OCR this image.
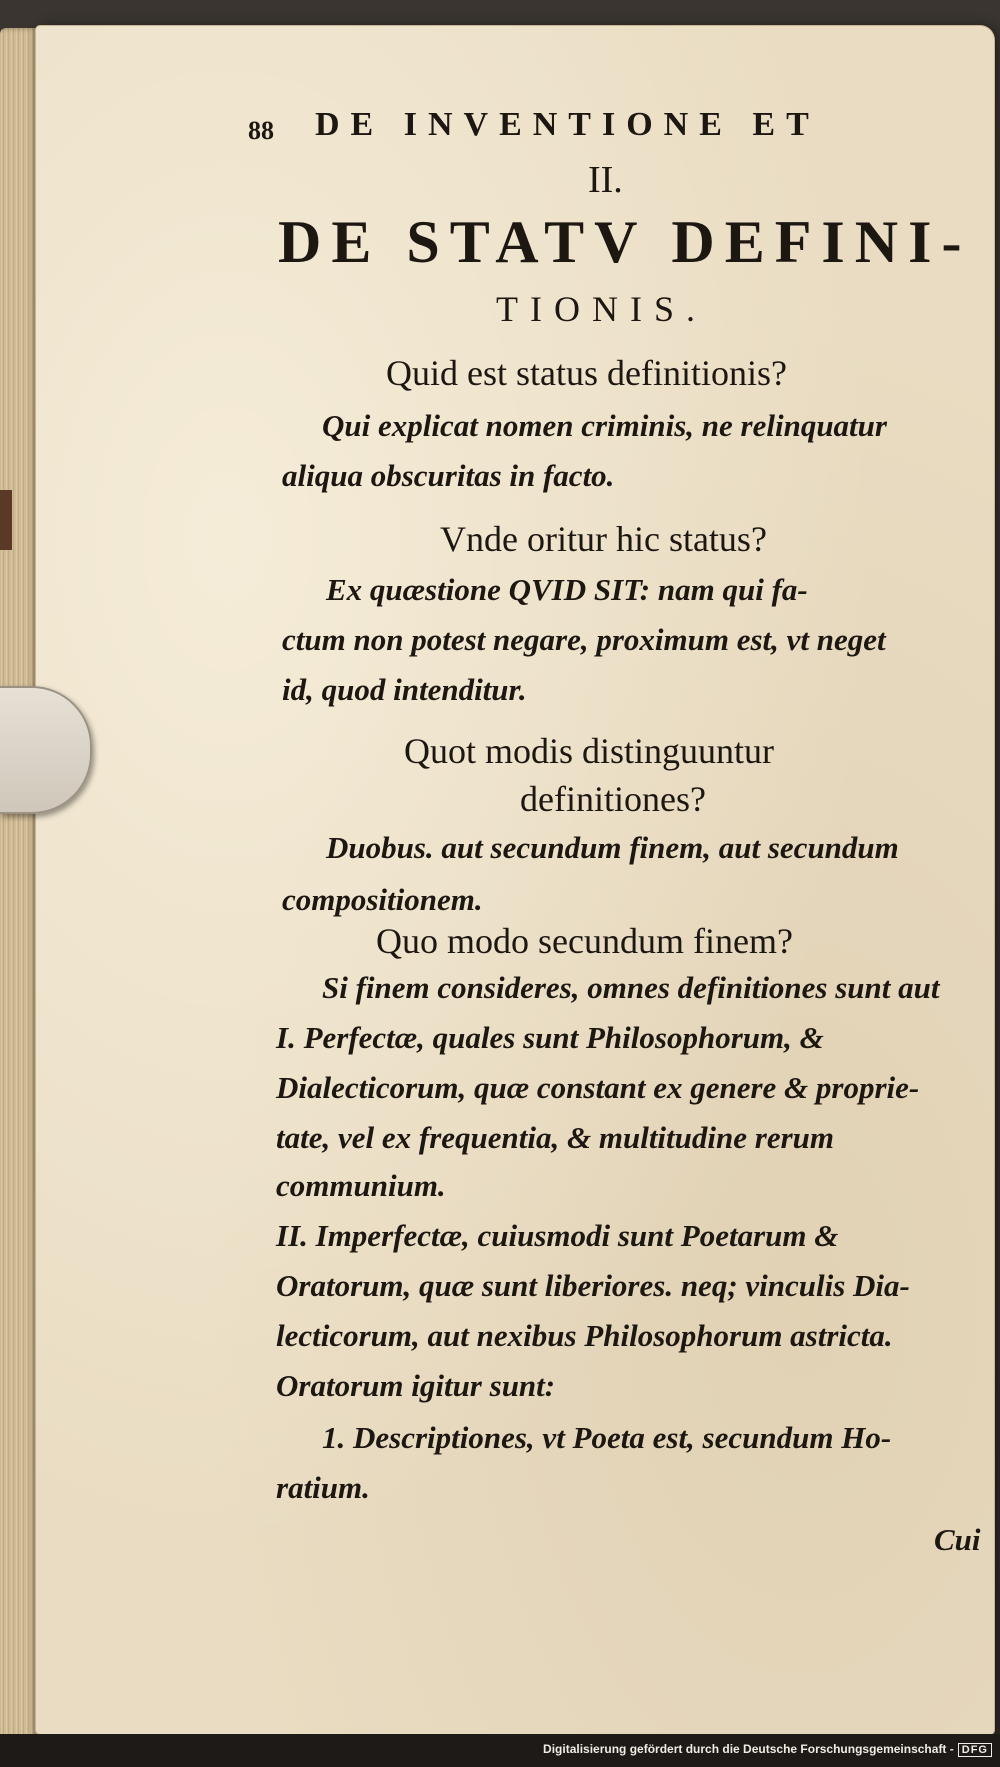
88 DE INVENTIONE ET
II.
DE STATV DEFINI-
TIONIS.
Quid est status definitionis?
Qui explicat nomen criminis, ne relinquatur
aliqua obscuritas in facto.
Vnde oritur hic status?
Ex quæstione QVID SIT: nam qui fa-
ctum non potest negare, proximum est, vt neget
id, quod intenditur.
Quot modis distinguuntur
definitiones?
Duobus. aut secundum finem, aut secundum
compositionem.
Quo modo secundum finem?
Si finem consideres, omnes definitiones sunt aut
I. Perfectæ, quales sunt Philosophorum, &
Dialecticorum, quæ constant ex genere & proprie-
tate, vel ex frequentia, & multitudine rerum
communium.
II. Imperfectæ, cuiusmodi sunt Poetarum &
Oratorum, quæ sunt liberiores. neq; vinculis Dia-
lecticorum, aut nexibus Philosophorum astricta.
Oratorum igitur sunt:
1. Descriptiones, vt Poeta est, secundum Ho-
ratium.
Cui
Digitalisierung gefördert durch die Deutsche Forschungsgemeinschaft - DFG
